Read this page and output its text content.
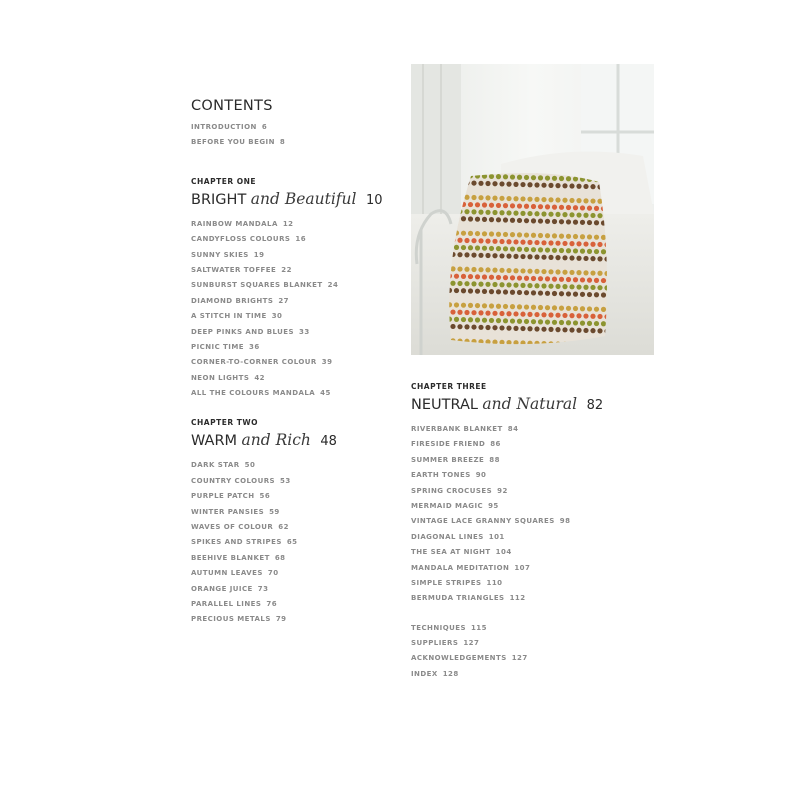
CONTENTS
INTRODUCTION 6
BEFORE YOU BEGIN 8
CHAPTER ONE
BRIGHT and Beautiful 10
RAINBOW MANDALA 12
CANDYFLOSS COLOURS 16
SUNNY SKIES 19
SALTWATER TOFFEE 22
SUNBURST SQUARES BLANKET 24
DIAMOND BRIGHTS 27
A STITCH IN TIME 30
DEEP PINKS AND BLUES 33
PICNIC TIME 36
CORNER-TO-CORNER COLOUR 39
NEON LIGHTS 42
ALL THE COLOURS MANDALA 45
CHAPTER TWO
WARM and Rich 48
DARK STAR 50
COUNTRY COLOURS 53
PURPLE PATCH 56
WINTER PANSIES 59
WAVES OF COLOUR 62
SPIKES AND STRIPES 65
BEEHIVE BLANKET 68
AUTUMN LEAVES 70
ORANGE JUICE 73
PARALLEL LINES 76
PRECIOUS METALS 79
CHAPTER THREE
NEUTRAL and Natural 82
RIVERBANK BLANKET 84
FIRESIDE FRIEND 86
SUMMER BREEZE 88
EARTH TONES 90
SPRING CROCUSES 92
MERMAID MAGIC 95
VINTAGE LACE GRANNY SQUARES 98
DIAGONAL LINES 101
THE SEA AT NIGHT 104
MANDALA MEDITATION 107
SIMPLE STRIPES 110
BERMUDA TRIANGLES 112
TECHNIQUES 115
SUPPLIERS 127
ACKNOWLEDGEMENTS 127
INDEX 128
